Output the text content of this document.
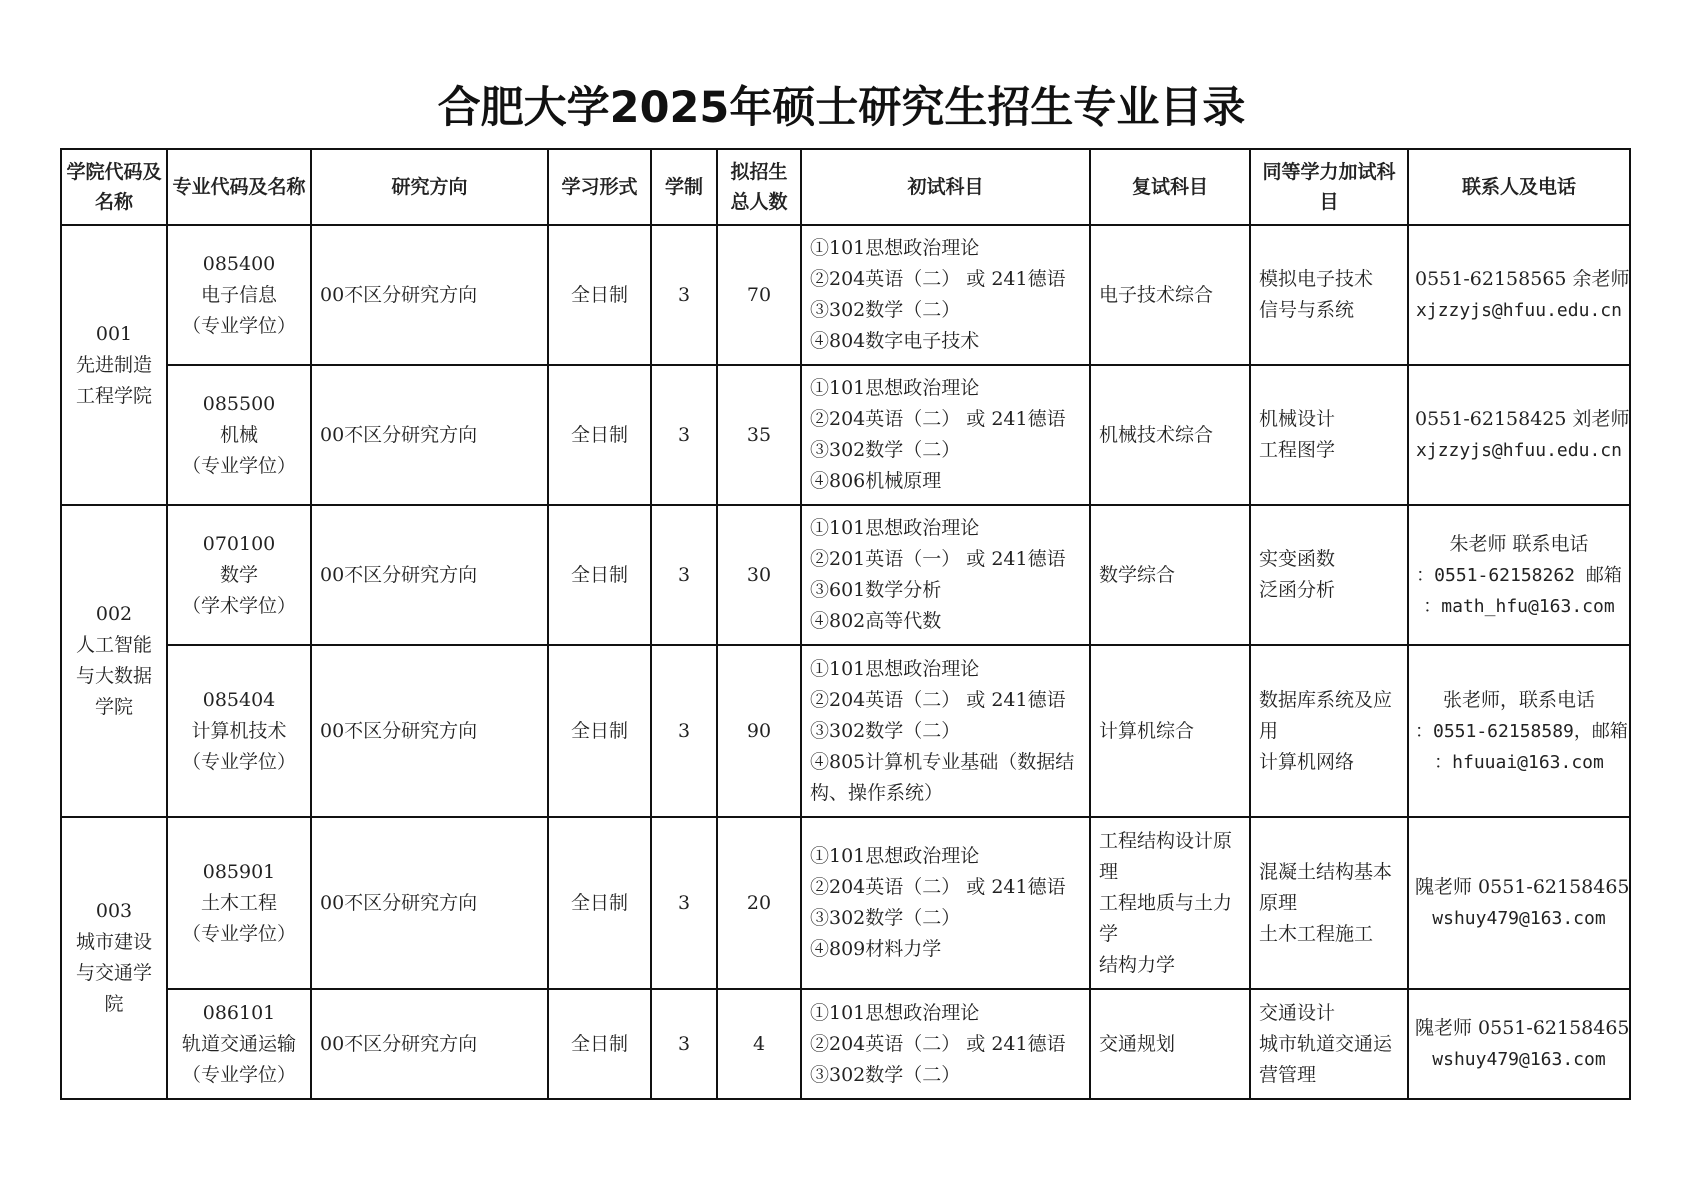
合肥大学2025年硕士研究生招生专业目录
学院代码及名称	专业代码及名称	研究方向	学习形式	学制	拟招生总人数	初试科目	复试科目	同等学力加试科目	联系人及电话

001
先进制造工程学院	085400
电子信息
（专业学位）	00不区分研究方向	全日制	3	70	①101思想政治理论
②204英语（二） 或 241德语
③302数学（二）
④804数字电子技术	电子技术综合	模拟电子技术
信号与系统	0551-62158565 余老师
xjzzyjs@hfuu.edu.cn

	085500
机械
（专业学位）	00不区分研究方向	全日制	3	35	①101思想政治理论
②204英语（二） 或 241德语
③302数学（二）
④806机械原理	机械技术综合	机械设计
工程图学	0551-62158425 刘老师
xjzzyjs@hfuu.edu.cn

002
人工智能与大数据学院	070100
数学
（学术学位）	00不区分研究方向	全日制	3	30	①101思想政治理论
②201英语（一） 或 241德语
③601数学分析
④802高等代数	数学综合	实变函数
泛函分析	朱老师 联系电话
：0551-62158262 邮箱
：math_hfu@163.com

	085404
计算机技术
（专业学位）	00不区分研究方向	全日制	3	90	①101思想政治理论
②204英语（二） 或 241德语
③302数学（二）
④805计算机专业基础（数据结构、操作系统）	计算机综合	数据库系统及应用
计算机网络	张老师，联系电话
：0551-62158589，邮箱
：hfuuai@163.com

003
城市建设与交通学院	085901
土木工程
（专业学位）	00不区分研究方向	全日制	3	20	①101思想政治理论
②204英语（二） 或 241德语
③302数学（二）
④809材料力学	工程结构设计原理
工程地质与土力学
结构力学	混凝土结构基本原理
土木工程施工	隗老师 0551-62158465
wshuy479@163.com

	086101
轨道交通运输
（专业学位）	00不区分研究方向	全日制	3	4	①101思想政治理论
②204英语（二） 或 241德语
③302数学（二）	交通规划	交通设计
城市轨道交通运营管理	隗老师 0551-62158465
wshuy479@163.com
